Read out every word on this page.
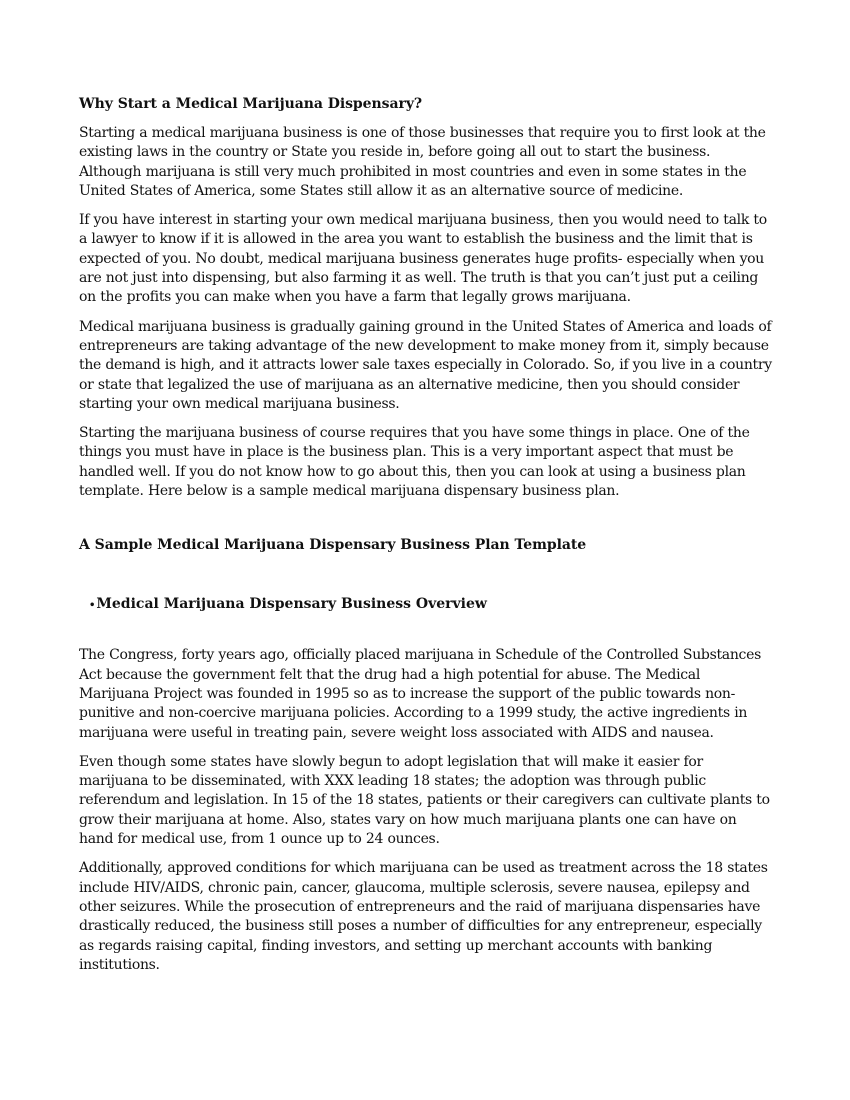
Why Start a Medical Marijuana Dispensary?

Starting a medical marijuana business is one of those businesses that require you to first look at the existing laws in the country or State you reside in, before going all out to start the business. Although marijuana is still very much prohibited in most countries and even in some states in the United States of America, some States still allow it as an alternative source of medicine.

If you have interest in starting your own medical marijuana business, then you would need to talk to a lawyer to know if it is allowed in the area you want to establish the business and the limit that is expected of you. No doubt, medical marijuana business generates huge profits- especially when you are not just into dispensing, but also farming it as well. The truth is that you can’t just put a ceiling on the profits you can make when you have a farm that legally grows marijuana.

Medical marijuana business is gradually gaining ground in the United States of America and loads of entrepreneurs are taking advantage of the new development to make money from it, simply because the demand is high, and it attracts lower sale taxes especially in Colorado. So, if you live in a country or state that legalized the use of marijuana as an alternative medicine, then you should consider starting your own medical marijuana business.

Starting the marijuana business of course requires that you have some things in place. One of the things you must have in place is the business plan. This is a very important aspect that must be handled well. If you do not know how to go about this, then you can look at using a business plan template. Here below is a sample medical marijuana dispensary business plan.

A Sample Medical Marijuana Dispensary Business Plan Template
• Medical Marijuana Dispensary Business Overview

The Congress, forty years ago, officially placed marijuana in Schedule of the Controlled Substances Act because the government felt that the drug had a high potential for abuse. The Medical Marijuana Project was founded in 1995 so as to increase the support of the public towards non-punitive and non-coercive marijuana policies. According to a 1999 study, the active ingredients in marijuana were useful in treating pain, severe weight loss associated with AIDS and nausea.

Even though some states have slowly begun to adopt legislation that will make it easier for marijuana to be disseminated, with XXX leading 18 states; the adoption was through public referendum and legislation. In 15 of the 18 states, patients or their caregivers can cultivate plants to grow their marijuana at home. Also, states vary on how much marijuana plants one can have on hand for medical use, from 1 ounce up to 24 ounces.

Additionally, approved conditions for which marijuana can be used as treatment across the 18 states include HIV/AIDS, chronic pain, cancer, glaucoma, multiple sclerosis, severe nausea, epilepsy and other seizures. While the prosecution of entrepreneurs and the raid of marijuana dispensaries have drastically reduced, the business still poses a number of difficulties for any entrepreneur, especially as regards raising capital, finding investors, and setting up merchant accounts with banking institutions.
